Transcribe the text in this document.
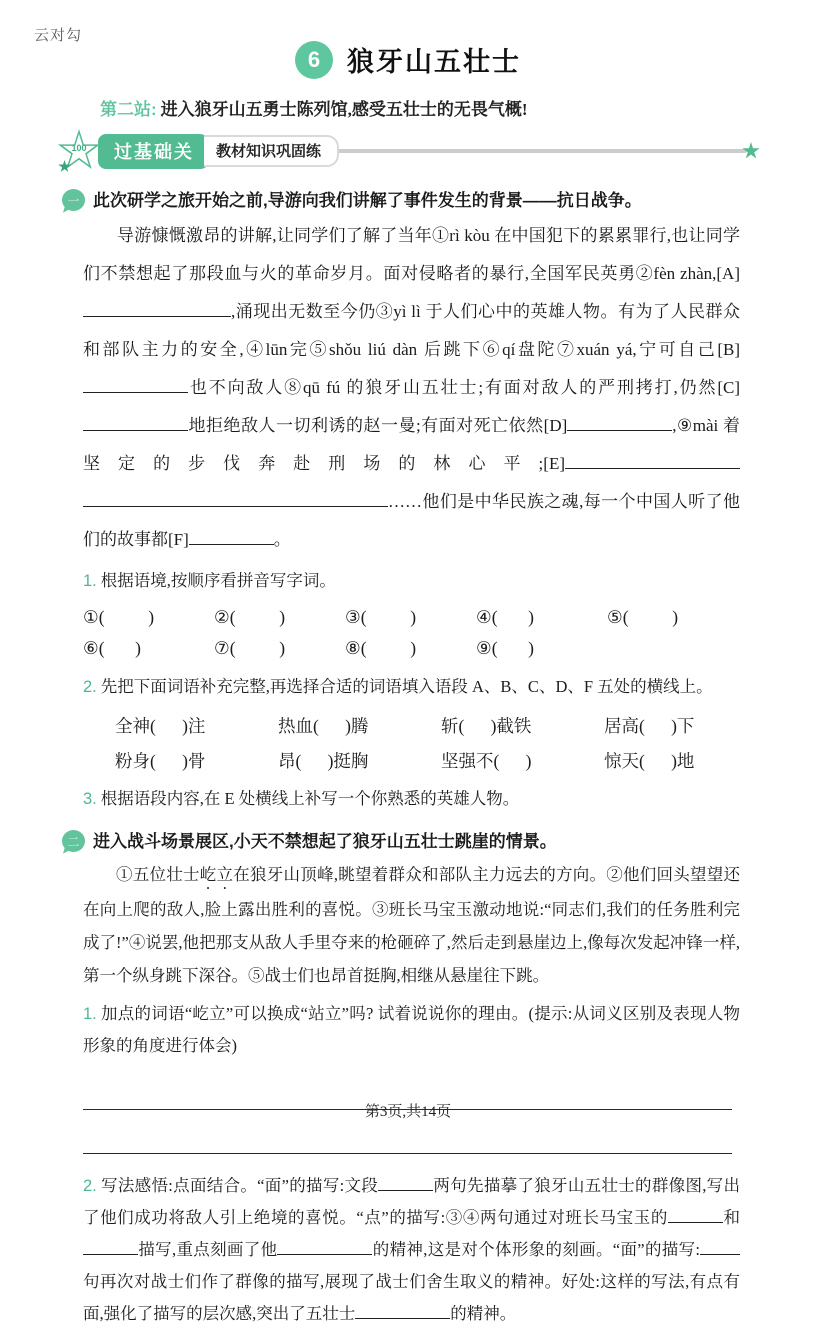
云对勾
6 狼牙山五壮士
第二站: 进入狼牙山五勇士陈列馆,感受五壮士的无畏气概!
100	过基础关	教材知识巩固练
一 此次研学之旅开始之前,导游向我们讲解了事件发生的背景——抗日战争。

导游慷慨激昂的讲解,让同学们了解了当年①rì kòu 在中国犯下的累累罪行,也让同学们不禁想起了那段血与火的革命岁月。面对侵略者的暴行,全国军民英勇②fèn zhàn,[A],涌现出无数至今仍③yì lì 于人们心中的英雄人物。有为了人民群众和部队主力的安全,④lūn完⑤shǒu liú dàn 后跳下⑥qí盘陀⑦xuán yá,宁可自己[B]也不向敌人⑧qū fú 的狼牙山五壮士;有面对敌人的严刑拷打,仍然[C]地拒绝敌人一切利诱的赵一曼;有面对死亡依然[D]	,⑨mài 着坚定的步伐奔赴刑场的林心平;[E]……他们是中华民族之魂,每一个中国人听了他们的故事都[F]	。

1. 根据语境,按顺序看拼音写字词。
①(          )	②(          )	③(          )	④(       )	⑤(          )
⑥(       )	⑦(          )	⑧(          )	⑨(       )
2. 先把下面词语补充完整,再选择合适的词语填入语段 A、B、C、D、F 五处的横线上。
全神(      )注	热血(      )腾	斩(      )截铁	居高(      )下
粉身(      )骨	昂(      )挺胸	坚强不(      )	惊天(      )地
3. 根据语段内容,在 E 处横线上补写一个你熟悉的英雄人物。
二 进入战斗场景展区,小天不禁想起了狼牙山五壮士跳崖的情景。

①五位壮士屹立在狼牙山顶峰,眺望着群众和部队主力远去的方向。②他们回头望望还在向上爬的敌人,脸上露出胜利的喜悦。③班长马宝玉激动地说:“同志们,我们的任务胜利完成了!”④说罢,他把那支从敌人手里夺来的枪砸碎了,然后走到悬崖边上,像每次发起冲锋一样,第一个纵身跳下深谷。⑤战士们也昂首挺胸,相继从悬崖往下跳。

1. 加点的词语“屹立”可以换成“站立”吗? 试着说说你的理由。(提示:从词义区别及表现人物形象的角度进行体会)
2. 写法感悟:点面结合。“面”的描写:文段	两句先描摹了狼牙山五壮士的群像图,写出了他们成功将敌人引上绝境的喜悦。“点”的描写:③④两句通过对班长马宝玉的	和描写,重点刻画了他	的精神,这是对个体形象的刻画。“面”的描写:句再次对战士们作了群像的描写,展现了战士们舍生取义的精神。好处:这样的写法,有点有面,强化了描写的层次感,突出了五壮士	的精神。
第3页,共14页
